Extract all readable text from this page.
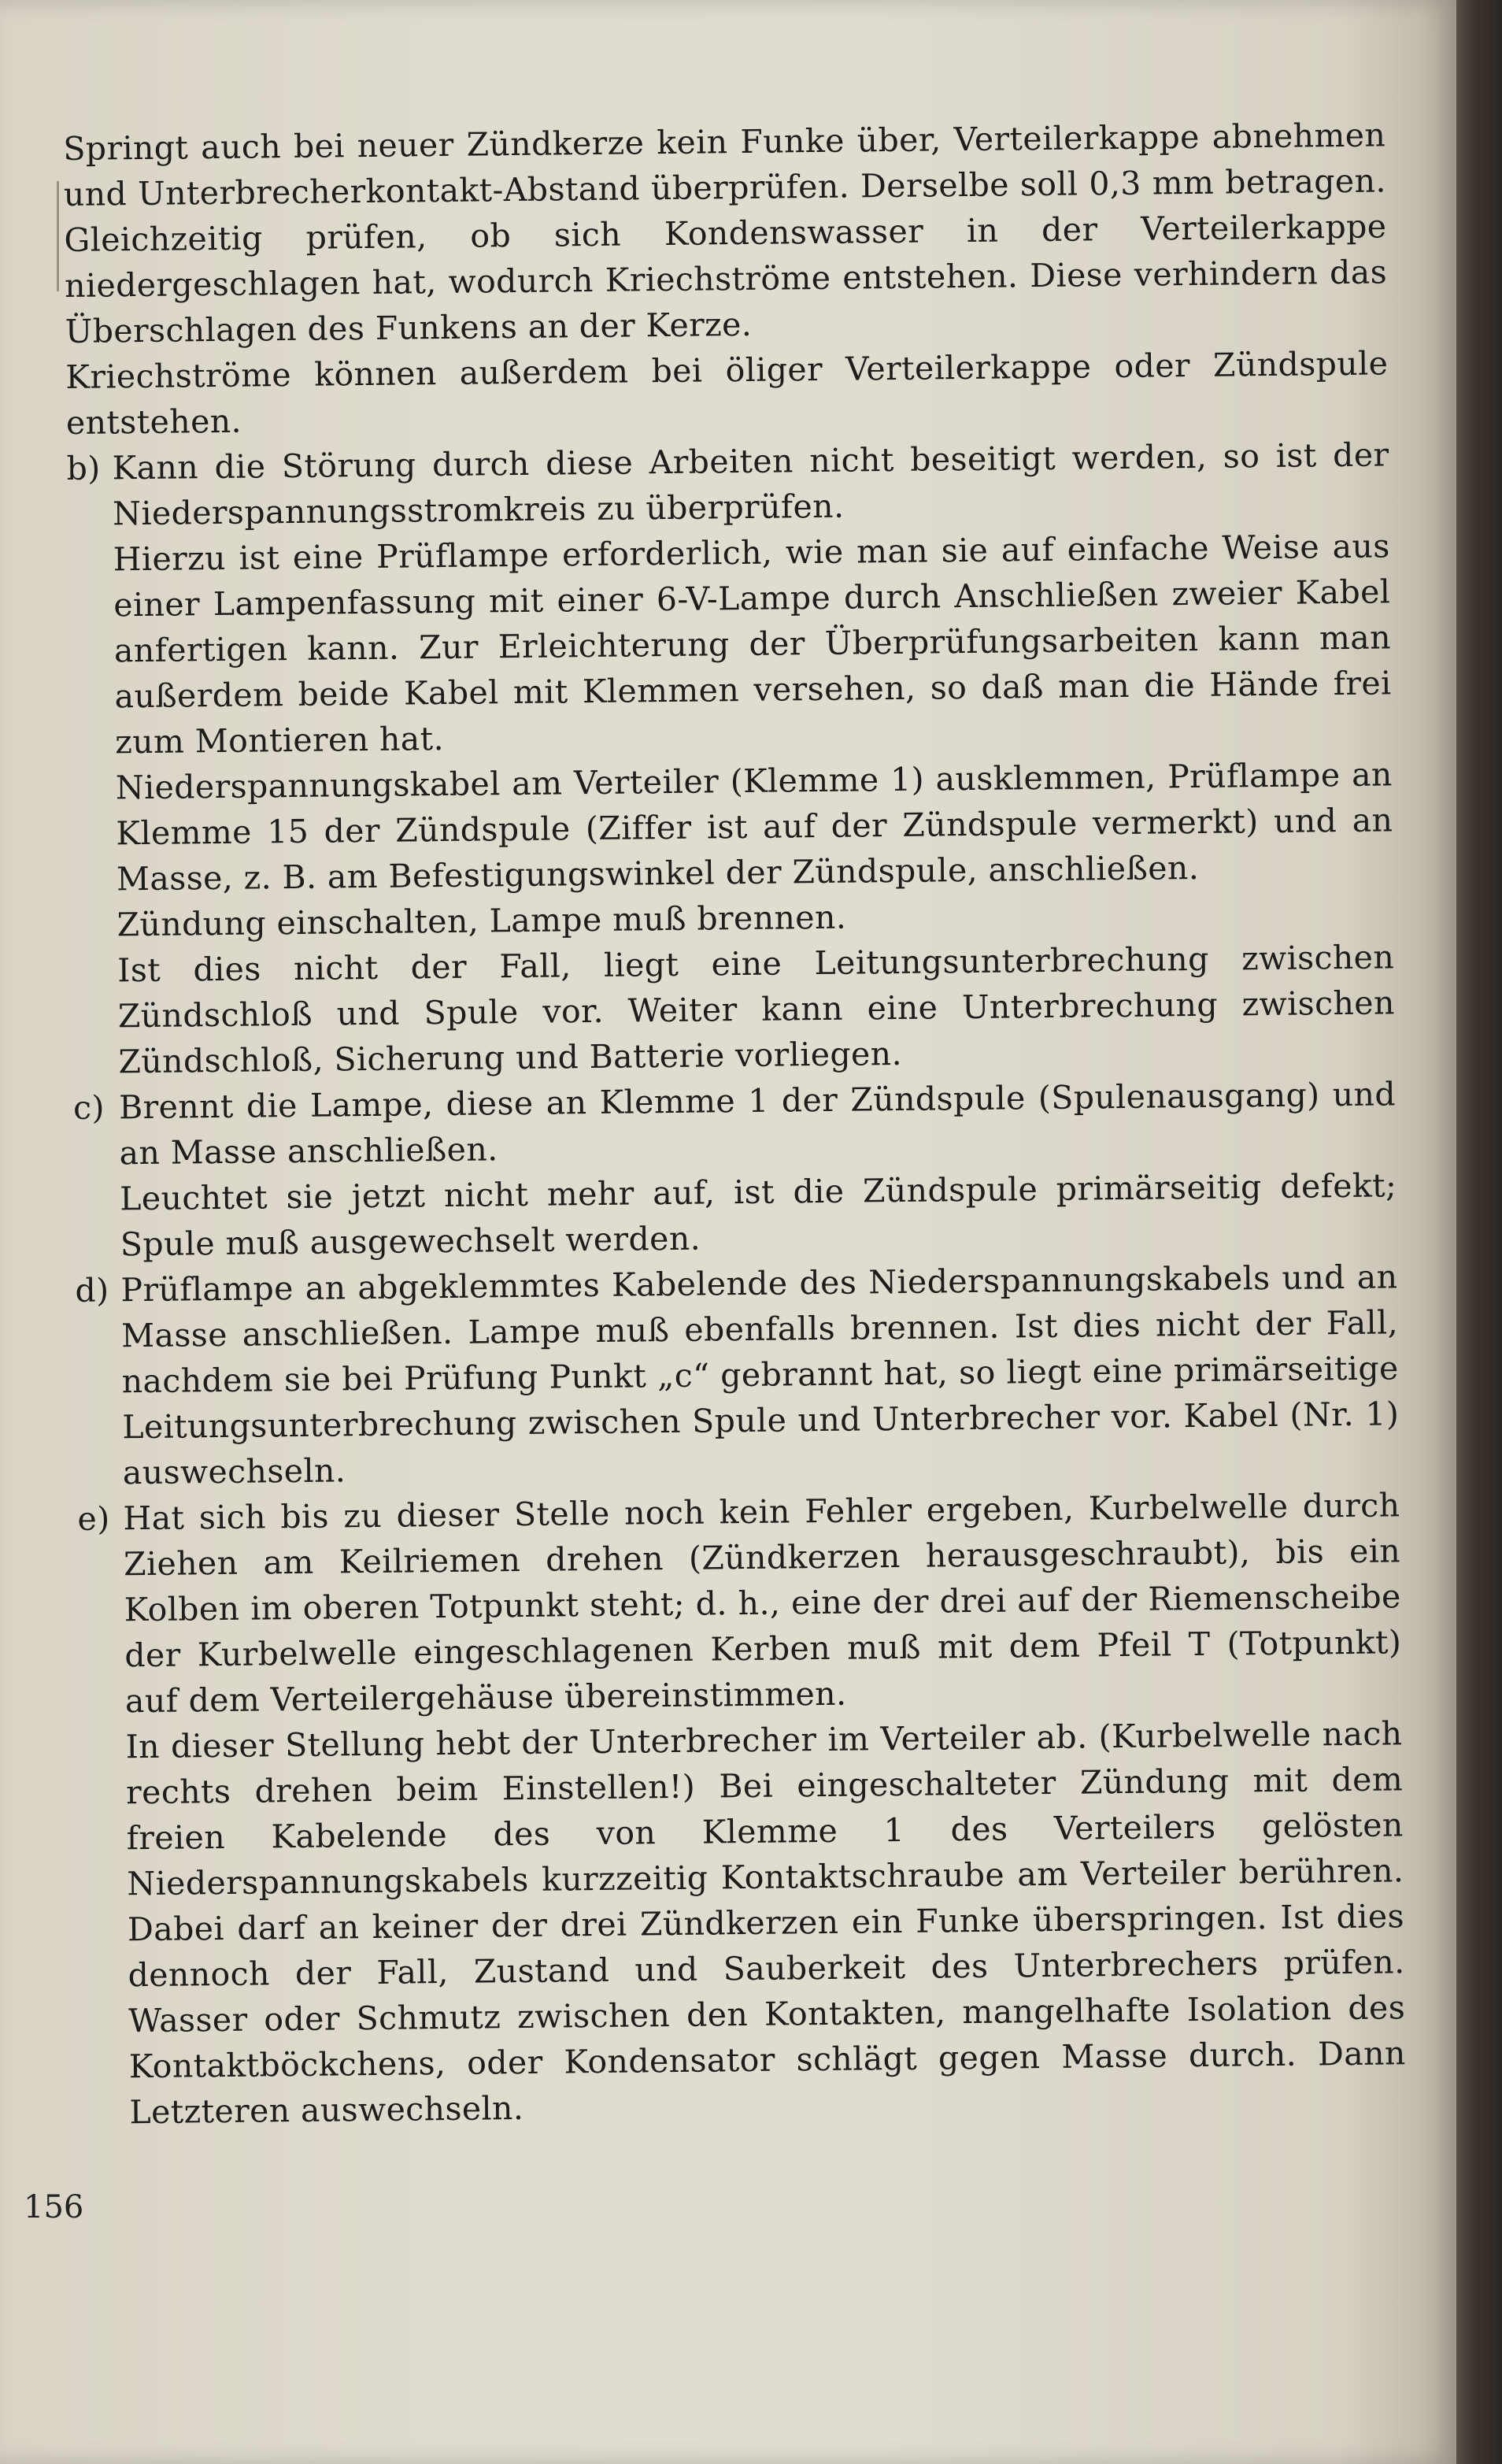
Springt auch bei neuer Zündkerze kein Funke über, Verteilerkappe abnehmen und Unterbrecherkontakt-Abstand überprüfen. Derselbe soll 0,3 mm betragen. Gleichzeitig prüfen, ob sich Kondenswasser in der Verteilerkappe niedergeschlagen hat, wodurch Kriechströme entstehen. Diese verhindern das Überschlagen des Funkens an der Kerze.

Kriechströme können außerdem bei öliger Verteilerkappe oder Zündspule entstehen.

b) Kann die Störung durch diese Arbeiten nicht beseitigt werden, so ist der Niederspannungsstromkreis zu überprüfen.

Hierzu ist eine Prüflampe erforderlich, wie man sie auf einfache Weise aus einer Lampenfassung mit einer 6-V-Lampe durch Anschließen zweier Kabel anfertigen kann. Zur Erleichterung der Überprüfungsarbeiten kann man außerdem beide Kabel mit Klemmen versehen, so daß man die Hände frei zum Montieren hat.

Niederspannungskabel am Verteiler (Klemme 1) ausklemmen, Prüflampe an Klemme 15 der Zündspule (Ziffer ist auf der Zündspule vermerkt) und an Masse, z. B. am Befestigungswinkel der Zündspule, anschließen.

Zündung einschalten, Lampe muß brennen.

Ist dies nicht der Fall, liegt eine Leitungsunterbrechung zwischen Zündschloß und Spule vor. Weiter kann eine Unterbrechung zwischen Zündschloß, Sicherung und Batterie vorliegen.

c) Brennt die Lampe, diese an Klemme 1 der Zündspule (Spulenausgang) und an Masse anschließen.

Leuchtet sie jetzt nicht mehr auf, ist die Zündspule primärseitig defekt; Spule muß ausgewechselt werden.

d) Prüflampe an abgeklemmtes Kabelende des Niederspannungskabels und an Masse anschließen. Lampe muß ebenfalls brennen. Ist dies nicht der Fall, nachdem sie bei Prüfung Punkt „c“ gebrannt hat, so liegt eine primärseitige Leitungsunterbrechung zwischen Spule und Unterbrecher vor. Kabel (Nr. 1) auswechseln.

e) Hat sich bis zu dieser Stelle noch kein Fehler ergeben, Kurbelwelle durch Ziehen am Keilriemen drehen (Zündkerzen herausgeschraubt), bis ein Kolben im oberen Totpunkt steht; d. h., eine der drei auf der Riemenscheibe der Kurbelwelle eingeschlagenen Kerben muß mit dem Pfeil T (Totpunkt) auf dem Verteilergehäuse übereinstimmen.

In dieser Stellung hebt der Unterbrecher im Verteiler ab. (Kurbelwelle nach rechts drehen beim Einstellen!) Bei eingeschalteter Zündung mit dem freien Kabelende des von Klemme 1 des Verteilers gelösten Niederspannungskabels kurzzeitig Kontaktschraube am Verteiler berühren. Dabei darf an keiner der drei Zündkerzen ein Funke überspringen. Ist dies dennoch der Fall, Zustand und Sauberkeit des Unterbrechers prüfen. Wasser oder Schmutz zwischen den Kontakten, mangelhafte Isolation des Kontaktböckchens, oder Kondensator schlägt gegen Masse durch. Dann Letzteren auswechseln.

156
